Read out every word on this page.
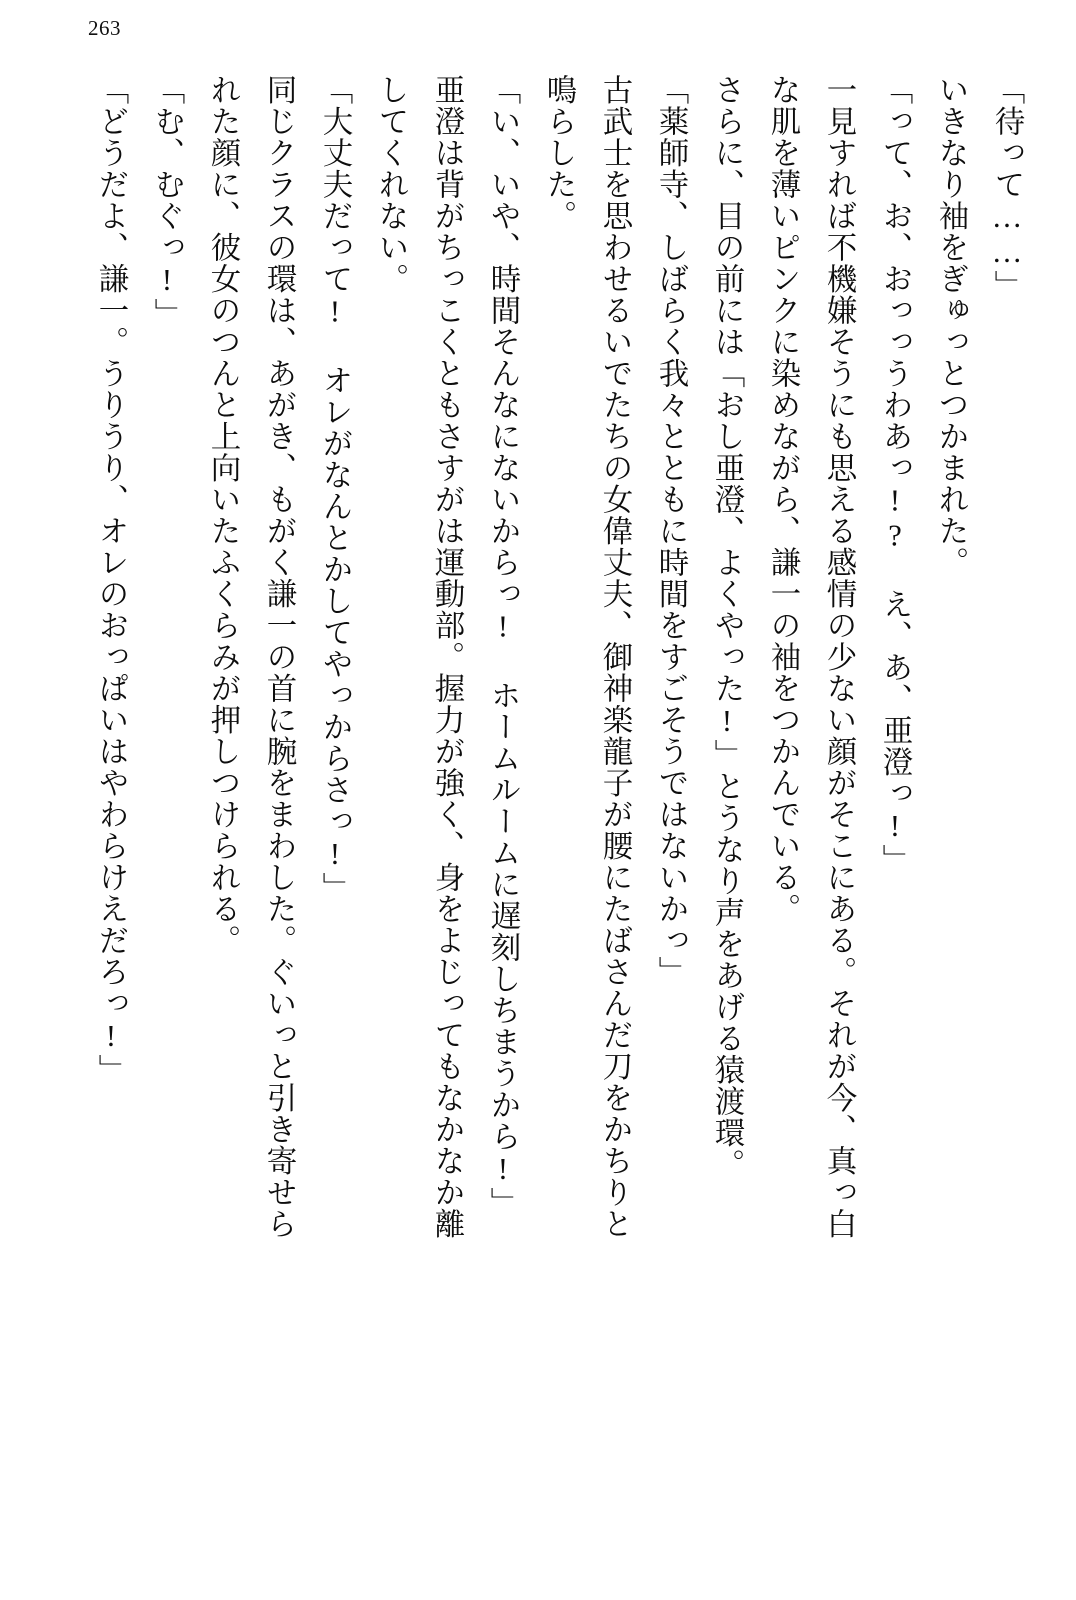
263
「待って……」
いきなり袖をぎゅっとつかまれた。
「って、お、おっっうわあっ!? え、あ、亜澄っ!」
一見すれば不機嫌そうにも思える感情の少ない顔がそこにある。それが今、真っ白
な肌を薄いピンクに染めながら、謙一の袖をつかんでいる。
さらに、目の前には「おし亜澄、よくやった!」とうなり声をあげる猿渡環。
「薬師寺、しばらく我々とともに時間をすごそうではないかっ」
古武士を思わせるいでたちの女偉丈夫、御神楽龍子が腰にたばさんだ刀をかちりと
鳴らした。
「い、いや、時間そんなにないからっ! ホームルームに遅刻しちまうから!」
亜澄は背がちっこくともさすがは運動部。握力が強く、身をよじってもなかなか離
してくれない。
「大丈夫だって! オレがなんとかしてやっからさっ!」
同じクラスの環は、あがき、もがく謙一の首に腕をまわした。ぐいっと引き寄せら
れた顔に、彼女のつんと上向いたふくらみが押しつけられる。
「む、むぐっ!」
「どうだよ、謙一。うりうり、オレのおっぱいはやわらけえだろっ!」
